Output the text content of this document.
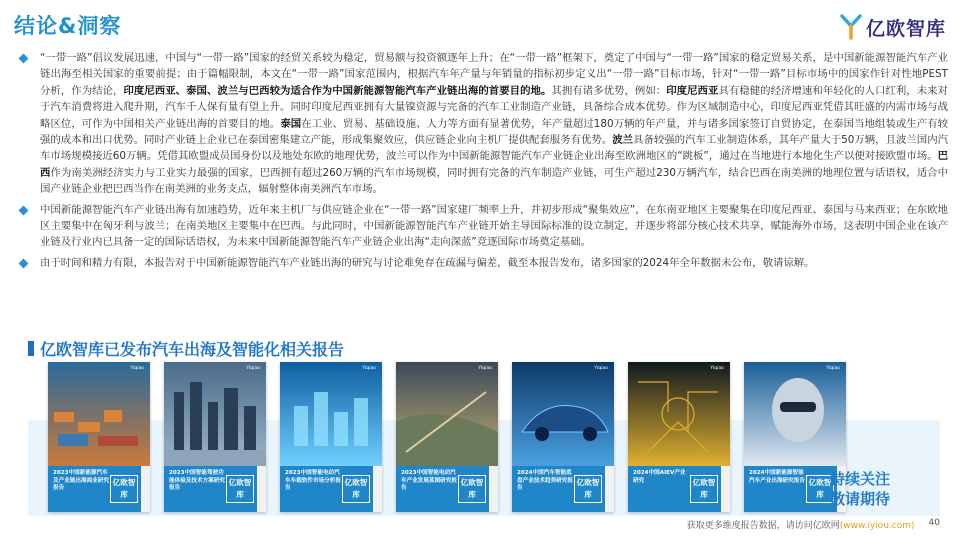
结论&洞察	亿欧智库
“一带一路”倡议发展迅速，中国与“一带一路”国家的经贸关系较为稳定，贸易额与投资额逐年上升；在“一带一路”框架下，奠定了中国与“一带一路”国家的稳定贸易关系，是中国新能源智能汽车产业链出海至相关国家的重要前提；由于篇幅限制，本文在“一带一路”国家范围内，根据汽车年产量与年销量的指标初步定义出“一带一路”目标市场，针对“一带一路”目标市场中的国家作针对性地PEST分析，作为结论，印度尼西亚、泰国、波兰与巴西较为适合作为中国新能源智能汽车产业链出海的首要目的地。其拥有诸多优势，例如：印度尼西亚具有稳健的经济增速和年轻化的人口红利，未来对于汽车消费将进入爬升期，汽车千人保有量有望上升。同时印度尼西亚拥有大量镍资源与完备的汽车工业制造产业链，具备综合成本优势。作为区域制造中心，印度尼西亚凭借其旺盛的内需市场与战略区位，可作为中国相关产业链出海的首要目的地。泰国在工业、贸易、基础设施、人力等方面有显著优势，年产量超过180万辆的年产量，并与诸多国家签订自贸协定，在泰国当地组装或生产有较强的成本和出口优势。同时产业链上企业已在泰国密集建立产能，形成集聚效应，供应链企业向主机厂提供配套服务有优势。波兰具备较强的汽车工业制造体系，其年产量大于50万辆，且波兰国内汽车市场规模接近60万辆。凭借其欧盟成员国身份以及地处东欧的地理优势，波兰可以作为中国新能源智能汽车产业链企业出海至欧洲地区的“跳板”，通过在当地进行本地化生产以便对接欧盟市场。巴西作为南美洲经济实力与工业实力最强的国家，巴西拥有超过260万辆的汽车市场规模，同时拥有完备的汽车制造产业链，可生产超过230万辆汽车，结合巴西在南美洲的地理位置与话语权，适合中国产业链企业把巴西当作在南美洲的业务支点，辐射整体南美洲汽车市场。
中国新能源智能汽车产业链出海有加速趋势，近年来主机厂与供应链企业在“一带一路”国家建厂频率上升，并初步形成“聚集效应”，在东南亚地区主要聚集在印度尼西亚、泰国与马来西亚；在东欧地区主要集中在匈牙利与波兰；在南美地区主要集中在巴西。与此同时，中国新能源智能汽车产业链开始主导国际标准的设立制定，并逐步将部分核心技术共享，赋能海外市场，这表明中国企业在该产业链及行业内已具备一定的国际话语权，为未来中国新能源智能汽车产业链企业出海“走向深蓝”竞逐国际市场奠定基础。
由于时间和精力有限，本报告对于中国新能源智能汽车产业链出海的研究与讨论难免存在疏漏与偏差，截至本报告发布，诸多国家的2024年全年数据未公布，敬请谅解。
亿欧智库已发布汽车出海及智能化相关报告
2023中国新能源汽车及产业链出海商业研究报告
亿欧智库
Yiqiao
2023中国智能驾驶功能体验及技术方案研究报告
亿欧智库
Yiqiao
2023中国智能电动汽车车载软件市场分析报告
亿欧智库
Yiqiao
2023中国智能电动汽车产业发展蓝图研究报告
亿欧智库
Yiqiao
2024中国汽车智能底盘产业技术趋势研究报告
亿欧智库
Yiqiao
2024中国AIEV产业研究	亿欧智库
Yiqiao
2024中国新能源智能汽车产业出海研究报告 亿欧智库
Yiqiao
持续关注
敬请期待
获取更多维度报告数据，请访问亿欧网(www.iyiou.com) 40
